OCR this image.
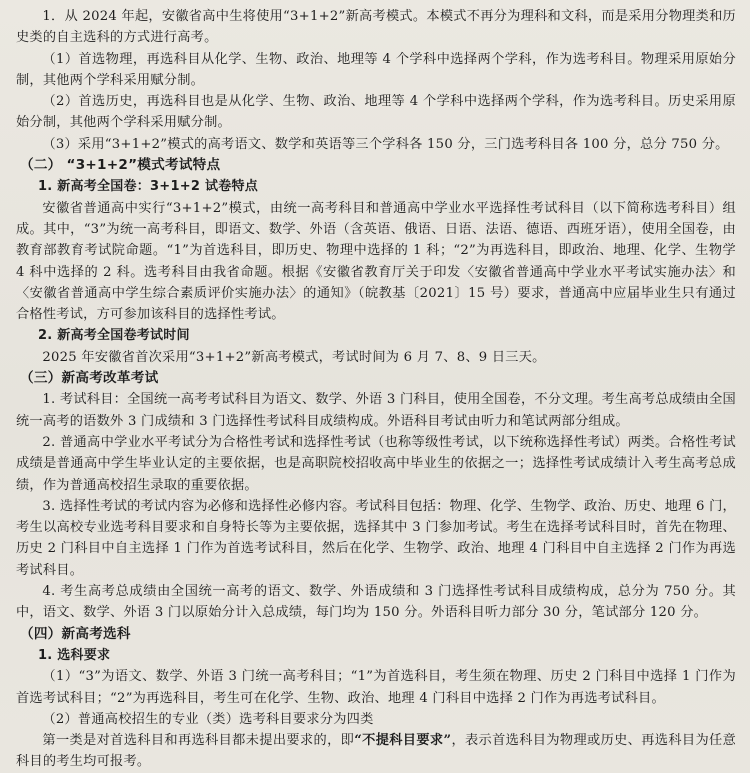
1．从 2024 年起，安徽省高中生将使用“3+1+2”新高考模式。本模式不再分为理科和文科，而是采用分物理类和历史类的自主选科的方式进行高考。

（1）首选物理，再选科目从化学、生物、政治、地理等 4 个学科中选择两个学科，作为选考科目。物理采用原始分制，其他两个学科采用赋分制。

（2）首选历史，再选科目也是从化学、生物、政治、地理等 4 个学科中选择两个学科，作为选考科目。历史采用原始分制，其他两个学科采用赋分制。

（3）采用“3+1+2”模式的高考语文、数学和英语等三个学科各 150 分，三门选考科目各 100 分，总分 750 分。

（二） “3+1+2”模式考试特点

1. 新高考全国卷：3+1+2 试卷特点

安徽省普通高中实行“3+1+2”模式，由统一高考科目和普通高中学业水平选择性考试科目（以下简称选考科目）组成。其中，“3”为统一高考科目，即语文、数学、外语（含英语、俄语、日语、法语、德语、西班牙语），使用全国卷，由教育部教育考试院命题。“1”为首选科目，即历史、物理中选择的 1 科；“2”为再选科目，即政治、地理、化学、生物学 4 科中选择的 2 科。选考科目由我省命题。根据《安徽省教育厅关于印发〈安徽省普通高中学业水平考试实施办法〉和〈安徽省普通高中学生综合素质评价实施办法〉的通知》（皖教基〔2021〕15 号）要求，普通高中应届毕业生只有通过合格性考试，方可参加该科目的选择性考试。

2. 新高考全国卷考试时间

2025 年安徽省首次采用“3+1+2”新高考模式，考试时间为 6 月 7、8、9 日三天。

（三）新高考改革考试

1. 考试科目：全国统一高考考试科目为语文、数学、外语 3 门科目，使用全国卷，不分文理。考生高考总成绩由全国统一高考的语数外 3 门成绩和 3 门选择性考试科目成绩构成。外语科目考试由听力和笔试两部分组成。

2. 普通高中学业水平考试分为合格性考试和选择性考试（也称等级性考试，以下统称选择性考试）两类。合格性考试成绩是普通高中学生毕业认定的主要依据，也是高职院校招收高中毕业生的依据之一；选择性考试成绩计入考生高考总成绩，作为普通高校招生录取的重要依据。

3. 选择性考试的考试内容为必修和选择性必修内容。考试科目包括：物理、化学、生物学、政治、历史、地理 6 门，考生以高校专业选考科目要求和自身特长等为主要依据，选择其中 3 门参加考试。考生在选择考试科目时，首先在物理、历史 2 门科目中自主选择 1 门作为首选考试科目，然后在化学、生物学、政治、地理 4 门科目中自主选择 2 门作为再选考试科目。

4. 考生高考总成绩由全国统一高考的语文、数学、外语成绩和 3 门选择性考试科目成绩构成，总分为 750 分。其中，语文、数学、外语 3 门以原始分计入总成绩，每门均为 150 分。外语科目听力部分 30 分，笔试部分 120 分。

（四）新高考选科

1. 选科要求

（1）“3”为语文、数学、外语 3 门统一高考科目；“1”为首选科目，考生须在物理、历史 2 门科目中选择 1 门作为首选考试科目；“2”为再选科目，考生可在化学、生物、政治、地理 4 门科目中选择 2 门作为再选考试科目。

（2）普通高校招生的专业（类）选考科目要求分为四类

第一类是对首选科目和再选科目都未提出要求的，即“不提科目要求”，表示首选科目为物理或历史、再选科目为任意科目的考生均可报考。
